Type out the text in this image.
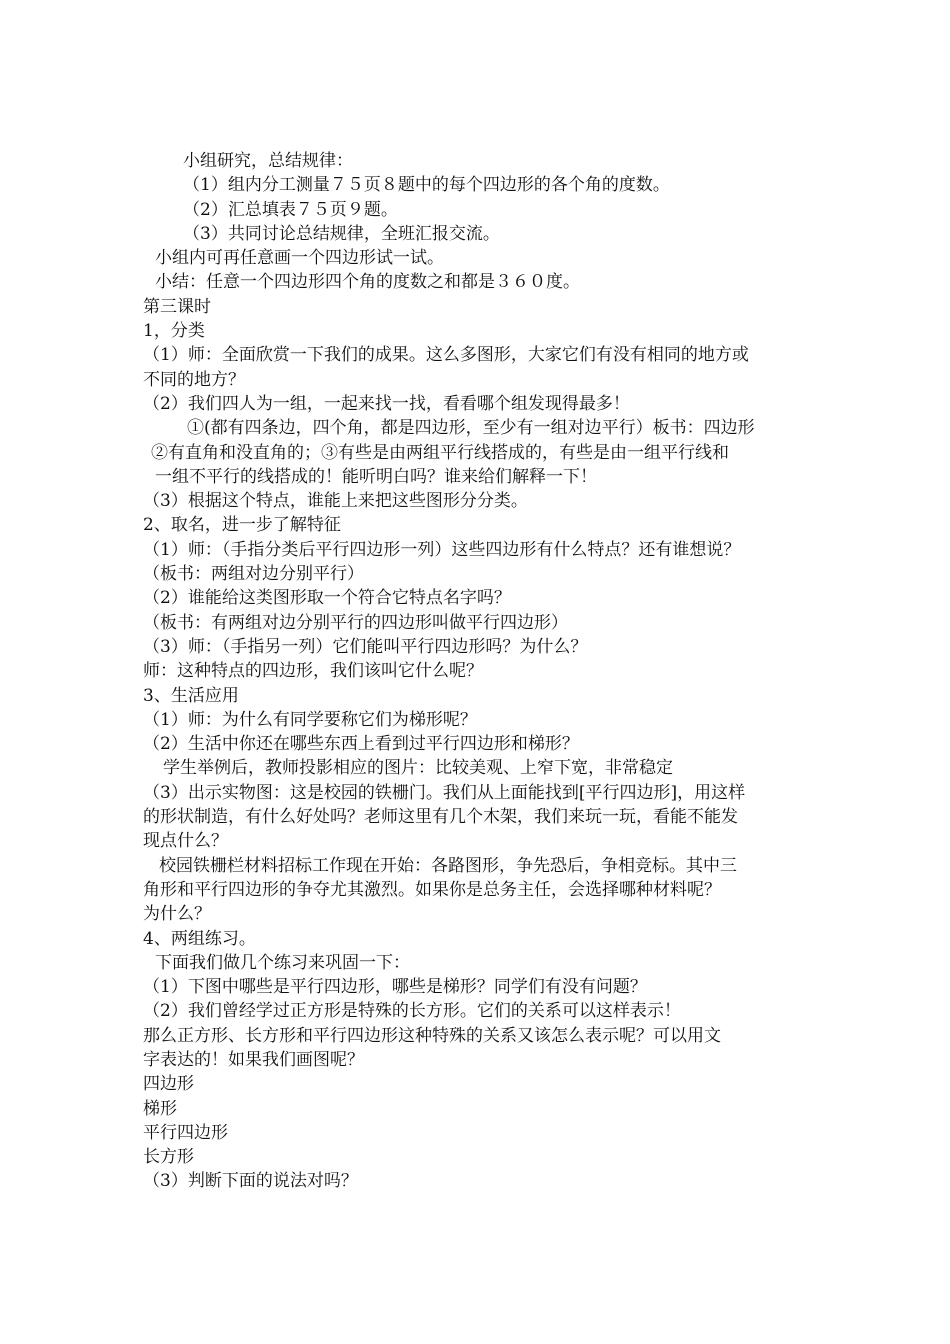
小组研究，总结规律：
（1）组内分工测量７５页８题中的每个四边形的各个角的度数。
（2）汇总填表７５页９题。
（3）共同讨论总结规律，全班汇报交流。
小组内可再任意画一个四边形试一试。
小结：任意一个四边形四个角的度数之和都是３６０度。
第三课时
1，分类
（1）师：全面欣赏一下我们的成果。这么多图形，大家它们有没有相同的地方或
不同的地方？
（2）我们四人为一组，一起来找一找，看看哪个组发现得最多！
①(都有四条边，四个角，都是四边形，至少有一组对边平行）板书：四边形
②有直角和没直角的；③有些是由两组平行线搭成的，有些是由一组平行线和
一组不平行的线搭成的！能听明白吗？谁来给们解释一下！
（3）根据这个特点，谁能上来把这些图形分分类。
2、取名，进一步了解特征
（1）师：（手指分类后平行四边形一列）这些四边形有什么特点？还有谁想说？
（板书：两组对边分别平行）
（2）谁能给这类图形取一个符合它特点名字吗？
（板书：有两组对边分别平行的四边形叫做平行四边形）
（3）师：（手指另一列）它们能叫平行四边形吗？为什么？
师：这种特点的四边形，我们该叫它什么呢？
3、生活应用
（1）师：为什么有同学要称它们为梯形呢？
（2）生活中你还在哪些东西上看到过平行四边形和梯形？
学生举例后，教师投影相应的图片：比较美观、上窄下宽，非常稳定
（3）出示实物图：这是校园的铁栅门。我们从上面能找到[平行四边形]，用这样
的形状制造，有什么好处吗？老师这里有几个木架，我们来玩一玩，看能不能发
现点什么？
校园铁栅栏材料招标工作现在开始：各路图形，争先恐后，争相竞标。其中三
角形和平行四边形的争夺尤其激烈。如果你是总务主任，会选择哪种材料呢？
为什么？
4、两组练习。
下面我们做几个练习来巩固一下：
（1）下图中哪些是平行四边形，哪些是梯形？同学们有没有问题？
（2）我们曾经学过正方形是特殊的长方形。它们的关系可以这样表示！
那么正方形、长方形和平行四边形这种特殊的关系又该怎么表示呢？可以用文
字表达的！如果我们画图呢？
四边形
梯形
平行四边形
长方形
（3）判断下面的说法对吗？
